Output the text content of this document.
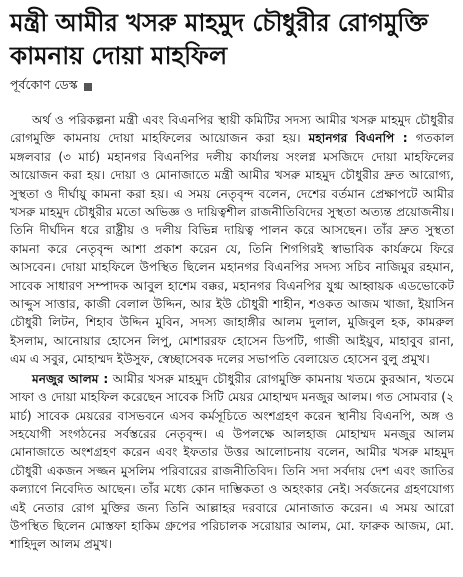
মন্ত্রী আমীর খসরু মাহমুদ চৌধুরীর রোগমুক্তি কামনায় দোয়া মাহফিল
পূর্বকোণ ডেস্ক

অর্থ ও পরিকল্পনা মন্ত্রী এবং বিএনপির স্থায়ী কমিটির সদস্য আমীর খসরু মাহমুদ চৌধুরীর রোগমুক্তি কামনায় দোয়া মাহফিলের আয়োজন করা হয়। মহানগর বিএনপি : গতকাল মঙ্গলবার (৩ মার্চ) মহানগর বিএনপির দলীয় কার্যালয় সংলগ্ন মসজিদে দোয়া মাহফিলের আয়োজন করা হয়। দোয়া ও মোনাজাতে মন্ত্রী আমীর খসরু মাহমুদ চৌধুরীর দ্রুত আরোগ্য, সুস্থতা ও দীর্ঘায়ু কামনা করা হয়। এ সময় নেতৃবৃন্দ বলেন, দেশের বর্তমান প্রেক্ষাপটে আমীর খসরু মাহমুদ চৌধুরীর মতো অভিজ্ঞ ও দায়িত্বশীল রাজনীতিবিদের সুস্থতা অত্যন্ত প্রয়োজনীয়। তিনি দীর্ঘদিন ধরে রাষ্ট্রীয় ও দলীয় বিভিন্ন দায়িত্ব পালন করে আসছেন। তাঁর দ্রুত সুস্থতা কামনা করে নেতৃবৃন্দ আশা প্রকাশ করেন যে, তিনি শিগগিরই স্বাভাবিক কার্যক্রমে ফিরে আসবেন। দোয়া মাহফিলে উপস্থিত ছিলেন মহানগর বিএনপির সদস্য সচিব নাজিমুর রহমান, সাবেক সাধারণ সম্পাদক আবুল হাশেম বক্কর, মহানগর বিএনপির যুগ্ম আহ্বায়ক এডভোকেট আব্দুস সাত্তার, কাজী বেলাল উদ্দিন, আর ইউ চৌধুরী শাহীন, শওকত আজম খাজা, ইয়াসিন চৌধুরী লিটন, শিহাব উদ্দিন মুবিন, সদস্য জাহাঙ্গীর আলম দুলাল, মুজিবুল হক, কামরুল ইসলাম, আনোয়ার হোসেন লিপু, মোশাররফ হোসেন ডিপটি, গাজী আইয়ুব, মাহাবুব রানা, এম এ সবুর, মোহাম্মদ ইউসুফ, স্বেচ্ছাসেবক দলের সভাপতি বেলায়েত হোসেন বুলু প্রমুখ।

মনজুর আলম : আমীর খসরু মাহমুদ চৌধুরীর রোগমুক্তি কামনায় খতমে কুরআন, খতমে সাফা ও দোয়া মাহফিল করেছেন সাবেক সিটি মেয়র মোহাম্মদ মনজুর আলম। গত সোমবার (২ মার্চ) সাবেক মেয়রের বাসভবনে এসব কর্মসূচিতে অংশগ্রহণ করেন স্থানীয় বিএনপি, অঙ্গ ও সহযোগী সংগঠনের সর্বস্তরের নেতৃবৃন্দ। এ উপলক্ষে আলহাজ মোহাম্মদ মনজুর আলম মোনাজাতে অংশগ্রহণ করেন এবং ইফতার উত্তর আলোচনায় বলেন, আমীর খসরু মাহমুদ চৌধুরী একজন সজ্জন মুসলিম পরিবারের রাজনীতিবিদ। তিনি সদা সর্বদায় দেশ এবং জাতির কল্যাণে নিবেদিত আছেন। তাঁর মধ্যে কোন দাম্ভিকতা ও অহংকার নেই। সর্বজনের গ্রহণযোগ্য এই নেতার রোগ মুক্তির জন্য তিনি আল্লাহর দরবারে মোনাজাত করেন। এ সময় আরো উপস্থিত ছিলেন মোস্তফা হাকিম গ্রুপের পরিচালক সরোয়ার আলম, মো. ফারুক আজম, মো. শাহিদুল আলম প্রমুখ।
